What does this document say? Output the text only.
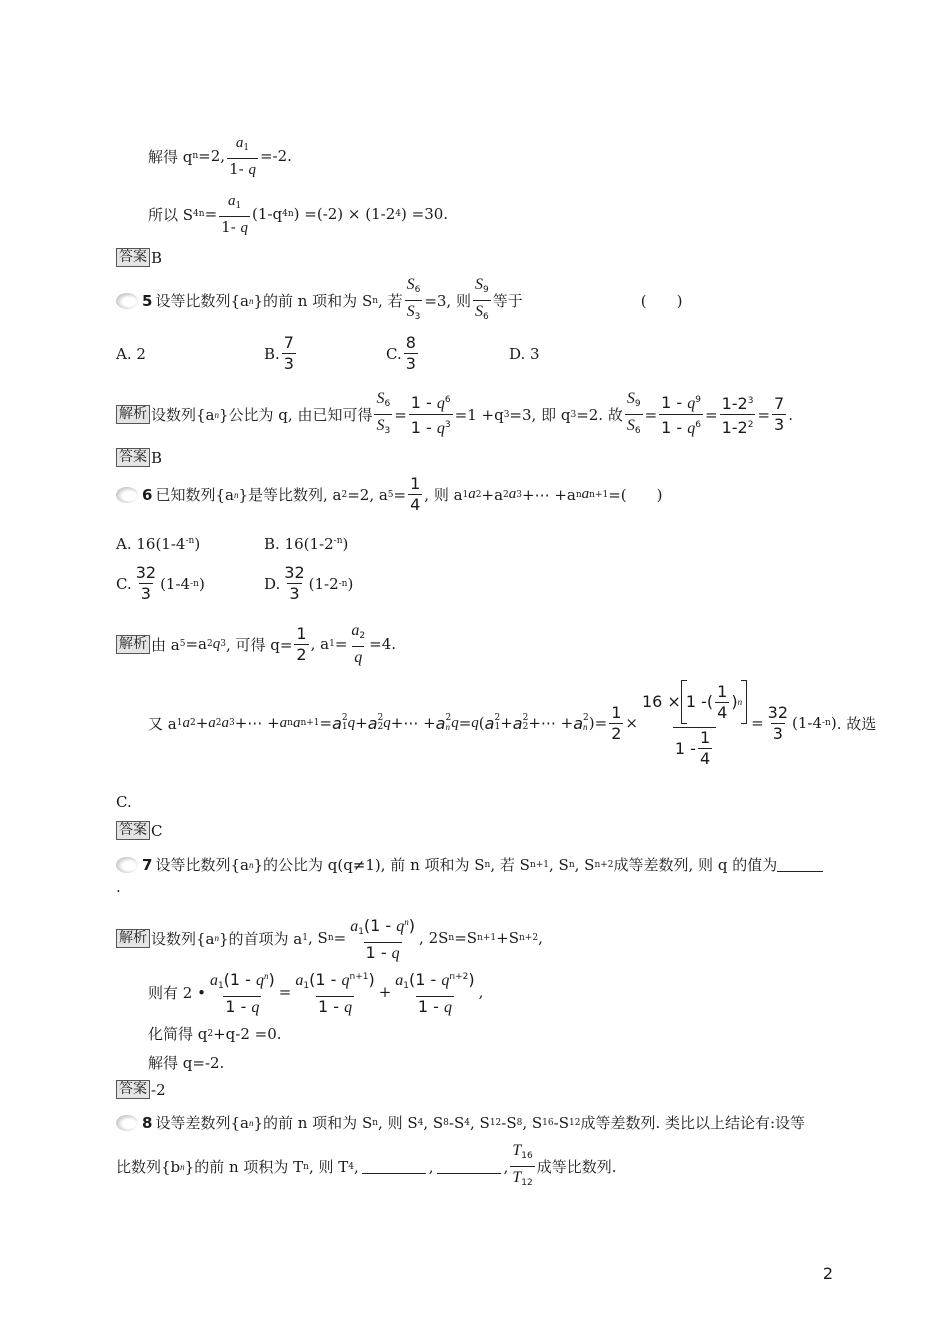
解得 q n =2, $\frac{a_1}{1- q} =-2$.
所以 S $4n = \frac{a_1}{1- q} (1-q$ 4n ) =(-2) × (1-2 4 ) =30.
答案 B
5 设等比数列{a n }的前 n 项和为 S n , 若 $\frac{S_6}{S_3} =3$, 则 $\frac{S_9}{S_6}$ 等于	(　　)
A. 2	B. $\frac{7}{3}$	C. $\frac{8}{3}$	D. 3
解析 设数列{a n }公比为 q, 由已知可得 $\frac{S_6}{S_3} = \frac{1 - q^6}{1 - q^3} =1 +q$ 3 =3, 即 q 3 =2. 故 $\frac{S_9}{S_6} = \frac{1 - q^9}{1 - q^6} = \frac{1-2^3}{1-2^2} = \frac{7}{3}$ .
答案 B
6 已知数列{a n }是等比数列, a 2 =2, a $5 = \frac{1}{4}$ , 则 a 1 a 2 +a 2 a 3 +⋯ +a n a n+1 =(　　)
A. $16(1-4^{-n})$	B. $16(1-2^{-n})$
C. $\frac{32}{3} (1-4$ -n )	D. $\frac{32}{3} (1-2$ -n )
解析 由 a 5 =a 2 q 3 , 可得 $q= \frac{1}{2}$ , a $1 = \frac{a_2}{q} =4$.
又 a 1 a 2 + a 2 a 3 +⋯ + a n a n+1 = a 2
1 q + a 2
2 q +⋯ + a 2
n q = q ( a 2
1 + a 2
2 +⋯ + a 2
n )= $\frac{1}{2} \times \frac{16 \times 1 - ( \frac{1}{4} ) n}{1 - \frac{1}{4}} = \frac{32}{3} (1-4$ -n ) . 故选
C.
答案 C
7 设等比数列{a n }的公比为 q(q≠1), 前 n 项和为 S n , 若 S n+1 , S n , S n+2 成等差数列, 则 q 的值为
.
解析 设数列{a n }的首项为 a 1 , S $n = \frac{a_1(1 - q^n)}{1 - q}$ , 2S n =S n+1 +S n+2 ,
则有 2 • $\frac{a_1(1 - q^n)}{1 - q} = \frac{a_1(1 - q^{n+1})}{1 - q} + \frac{a_1(1 - q^{n+2})}{1 - q}$ ,
化简得 q 2 +q-2 =0.
解得 q=-2.
答案 -2
8 设等差数列{a n }的前 n 项和为 S n , 则 S 4 , S 8 -S 4 , S 12 -S 8 , S 16 -S 12 成等差数列. 类比以上结论有:设等
比数列{b n }的前 n 项积为 T n , 则 T 4 ,	,	, $\frac{T_{16}}{T_{12}}$ 成等比数列.
2
